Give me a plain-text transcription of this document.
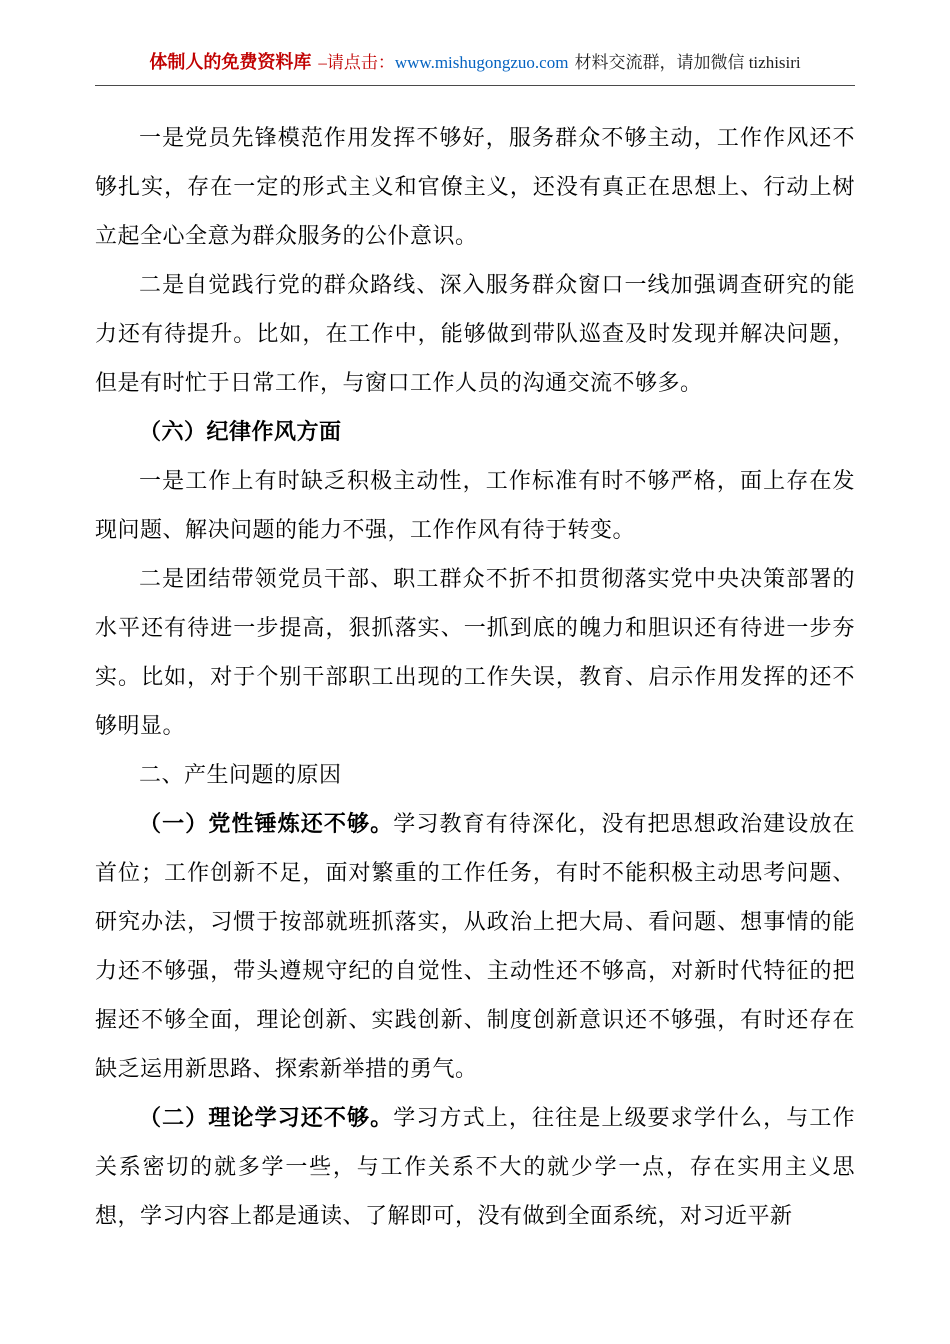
体制人的免费资料库 –请点击：www.mishugongzuo.com 材料交流群，请加微信 tizhisiri

一是党员先锋模范作用发挥不够好，服务群众不够主动，工作作风还不够扎实，存在一定的形式主义和官僚主义，还没有真正在思想上、行动上树立起全心全意为群众服务的公仆意识。

二是自觉践行党的群众路线、深入服务群众窗口一线加强调查研究的能力还有待提升。比如，在工作中，能够做到带队巡查及时发现并解决问题，但是有时忙于日常工作，与窗口工作人员的沟通交流不够多。

（六）纪律作风方面

一是工作上有时缺乏积极主动性，工作标准有时不够严格，面上存在发现问题、解决问题的能力不强，工作作风有待于转变。

二是团结带领党员干部、职工群众不折不扣贯彻落实党中央决策部署的水平还有待进一步提高，狠抓落实、一抓到底的魄力和胆识还有待进一步夯实。比如，对于个别干部职工出现的工作失误，教育、启示作用发挥的还不够明显。

二、产生问题的原因

（一）党性锤炼还不够。学习教育有待深化，没有把思想政治建设放在首位；工作创新不足，面对繁重的工作任务，有时不能积极主动思考问题、研究办法，习惯于按部就班抓落实，从政治上把大局、看问题、想事情的能力还不够强，带头遵规守纪的自觉性、主动性还不够高，对新时代特征的把握还不够全面，理论创新、实践创新、制度创新意识还不够强，有时还存在缺乏运用新思路、探索新举措的勇气。

（二）理论学习还不够。学习方式上，往往是上级要求学什么，与工作关系密切的就多学一些，与工作关系不大的就少学一点，存在实用主义思想，学习内容上都是通读、了解即可，没有做到全面系统，对习近平新
